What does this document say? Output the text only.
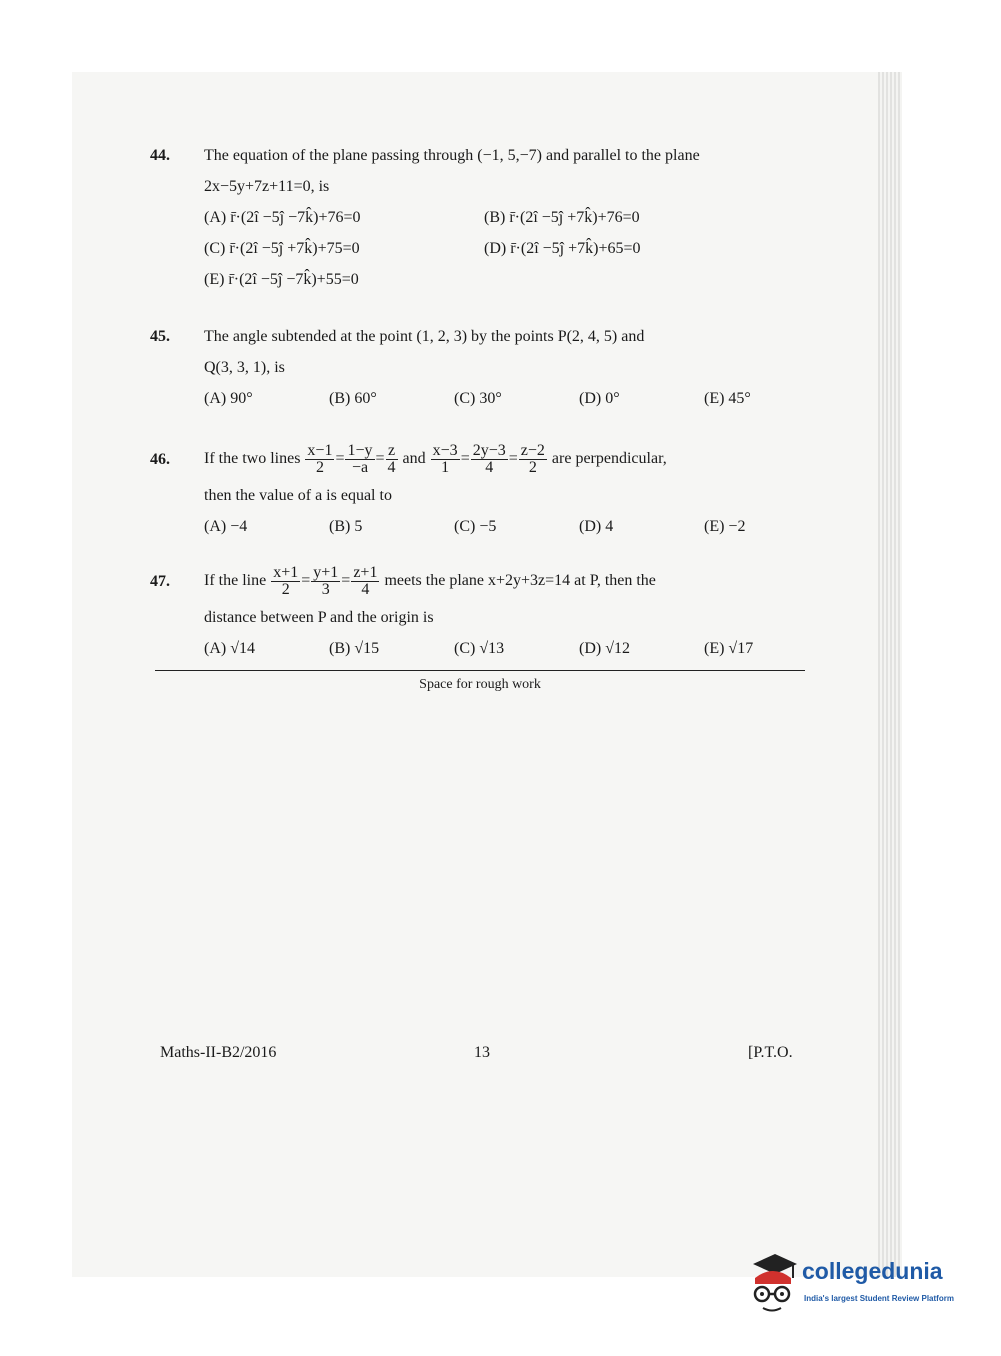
44. The equation of the plane passing through (−1, 5,−7) and parallel to the plane
2x−5y+7z+11=0, is
(A) r̄·(2î −5ĵ −7k̂)+76=0	(B) r̄·(2î −5ĵ +7k̂)+76=0
(C) r̄·(2î −5ĵ +7k̂)+75=0	(D) r̄·(2î −5ĵ +7k̂)+65=0
(E) r̄·(2î −5ĵ −7k̂)+55=0
45. The angle subtended at the point (1, 2, 3) by the points P(2, 4, 5) and
Q(3, 3, 1), is
(A) 90°	(B) 60°	(C) 30°	(D) 0°	(E) 45°
46. If the two lines $\frac{x-1}{2} = \frac{1-y}{-a} = \frac{z}{4}$ and $\frac{x-3}{1} = \frac{2y-3}{4} = \frac{z-2}{2}$ are perpendicular,
then the value of a is equal to
(A) −4	(B) 5	(C) −5	(D) 4	(E) −2
47. If the line $\frac{x+1}{2} = \frac{y+1}{3} = \frac{z+1}{4}$ meets the plane x+2y+3z=14 at P, then the
distance between P and the origin is
(A) √14	(B) √15	(C) √13	(D) √12	(E) √17
Space for rough work
Maths-II-B2/2016	13	[P.T.O.
collegedunia
India's largest Student Review Platform
